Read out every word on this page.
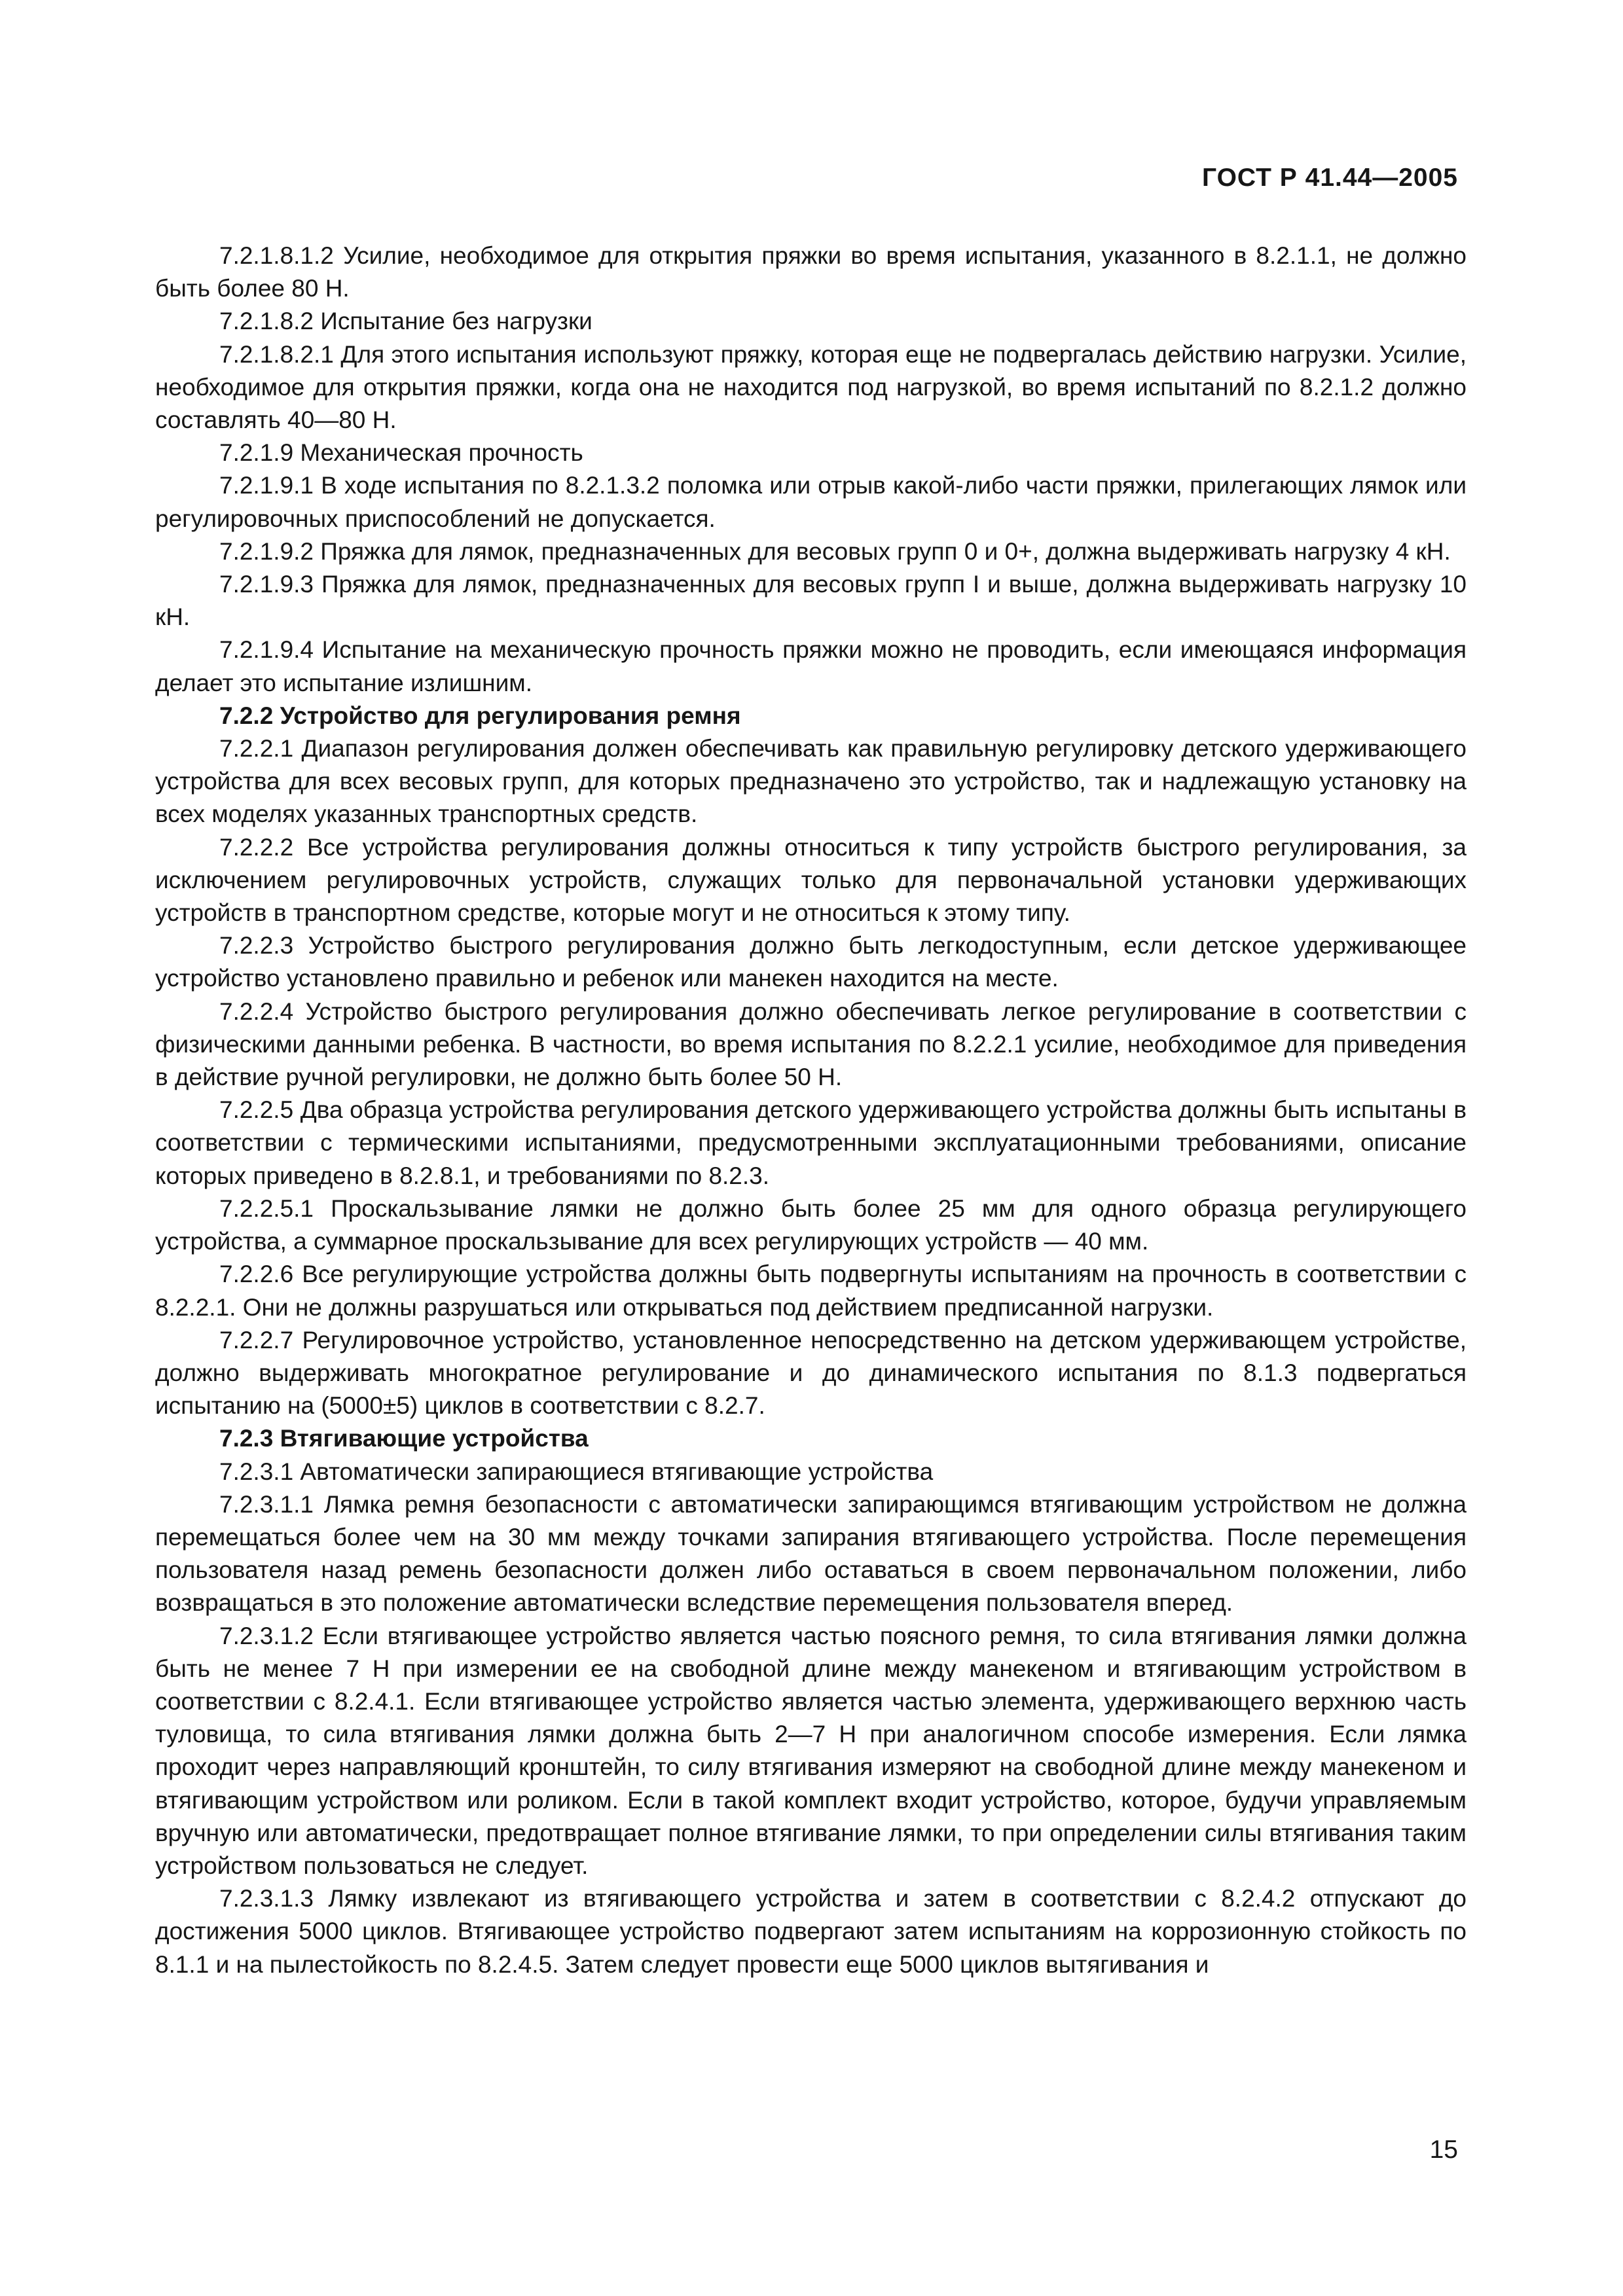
ГОСТ Р 41.44—2005

7.2.1.8.1.2 Усилие, необходимое для открытия пряжки во время испытания, указанного в 8.2.1.1, не должно быть более 80 Н.

7.2.1.8.2 Испытание без нагрузки

7.2.1.8.2.1 Для этого испытания используют пряжку, которая еще не подвергалась действию нагрузки. Усилие, необходимое для открытия пряжки, когда она не находится под нагрузкой, во время испытаний по 8.2.1.2 должно составлять 40—80 Н.

7.2.1.9 Механическая прочность

7.2.1.9.1 В ходе испытания по 8.2.1.3.2 поломка или отрыв какой-либо части пряжки, прилегающих лямок или регулировочных приспособлений не допускается.

7.2.1.9.2 Пряжка для лямок, предназначенных для весовых групп 0 и 0+, должна выдерживать нагрузку 4 кН.

7.2.1.9.3 Пряжка для лямок, предназначенных для весовых групп I и выше, должна выдерживать нагрузку 10 кН.

7.2.1.9.4 Испытание на механическую прочность пряжки можно не проводить, если имеющаяся информация делает это испытание излишним.

7.2.2 Устройство для регулирования ремня

7.2.2.1 Диапазон регулирования должен обеспечивать как правильную регулировку детского удерживающего устройства для всех весовых групп, для которых предназначено это устройство, так и надлежащую установку на всех моделях указанных транспортных средств.

7.2.2.2 Все устройства регулирования должны относиться к типу устройств быстрого регулирования, за исключением регулировочных устройств, служащих только для первоначальной установки удерживающих устройств в транспортном средстве, которые могут и не относиться к этому типу.

7.2.2.3 Устройство быстрого регулирования должно быть легкодоступным, если детское удерживающее устройство установлено правильно и ребенок или манекен находится на месте.

7.2.2.4 Устройство быстрого регулирования должно обеспечивать легкое регулирование в соответствии с физическими данными ребенка. В частности, во время испытания по 8.2.2.1 усилие, необходимое для приведения в действие ручной регулировки, не должно быть более 50 Н.

7.2.2.5 Два образца устройства регулирования детского удерживающего устройства должны быть испытаны в соответствии с термическими испытаниями, предусмотренными эксплуатационными требованиями, описание которых приведено в 8.2.8.1, и требованиями по 8.2.3.

7.2.2.5.1 Проскальзывание лямки не должно быть более 25 мм для одного образца регулирующего устройства, а суммарное проскальзывание для всех регулирующих устройств — 40 мм.

7.2.2.6 Все регулирующие устройства должны быть подвергнуты испытаниям на прочность в соответствии с 8.2.2.1. Они не должны разрушаться или открываться под действием предписанной нагрузки.

7.2.2.7 Регулировочное устройство, установленное непосредственно на детском удерживающем устройстве, должно выдерживать многократное регулирование и до динамического испытания по 8.1.3 подвергаться испытанию на (5000±5) циклов в соответствии с 8.2.7.

7.2.3 Втягивающие устройства

7.2.3.1 Автоматически запирающиеся втягивающие устройства

7.2.3.1.1 Лямка ремня безопасности с автоматически запирающимся втягивающим устройством не должна перемещаться более чем на 30 мм между точками запирания втягивающего устройства. После перемещения пользователя назад ремень безопасности должен либо оставаться в своем первоначальном положении, либо возвращаться в это положение автоматически вследствие перемещения пользователя вперед.

7.2.3.1.2 Если втягивающее устройство является частью поясного ремня, то сила втягивания лямки должна быть не менее 7 Н при измерении ее на свободной длине между манекеном и втягивающим устройством в соответствии с 8.2.4.1. Если втягивающее устройство является частью элемента, удерживающего верхнюю часть туловища, то сила втягивания лямки должна быть 2—7 Н при аналогичном способе измерения. Если лямка проходит через направляющий кронштейн, то силу втягивания измеряют на свободной длине между манекеном и втягивающим устройством или роликом. Если в такой комплект входит устройство, которое, будучи управляемым вручную или автоматически, предотвращает полное втягивание лямки, то при определении силы втягивания таким устройством пользоваться не следует.

7.2.3.1.3 Лямку извлекают из втягивающего устройства и затем в соответствии с 8.2.4.2 отпускают до достижения 5000 циклов. Втягивающее устройство подвергают затем испытаниям на коррозионную стойкость по 8.1.1 и на пылестойкость по 8.2.4.5. Затем следует провести еще 5000 циклов вытягивания и

15
